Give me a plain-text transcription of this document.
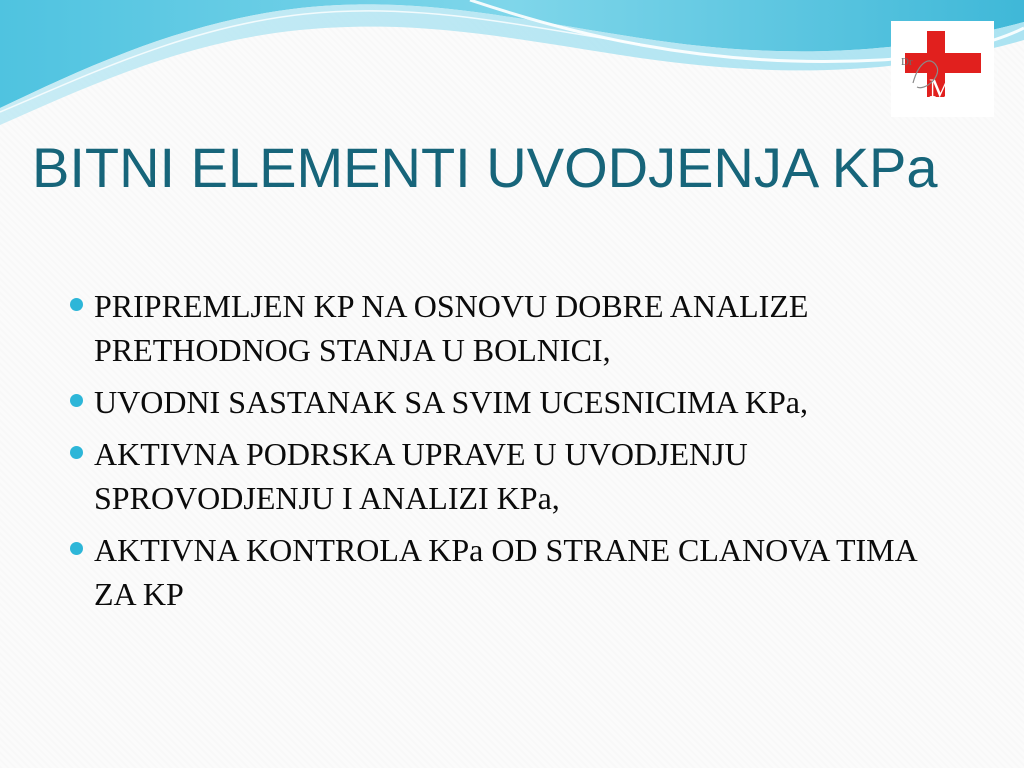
Dr
M
BITNI ELEMENTI UVODJENJA KPa
PRIPREMLJEN KP NA OSNOVU DOBRE ANALIZE PRETHODNOG STANJA U BOLNICI,
UVODNI SASTANAK SA SVIM UCESNICIMA KPa,
AKTIVNA PODRSKA UPRAVE U UVODJENJU SPROVODJENJU I ANALIZI KPa,
AKTIVNA KONTROLA KPa OD STRANE CLANOVA TIMA ZA KP
